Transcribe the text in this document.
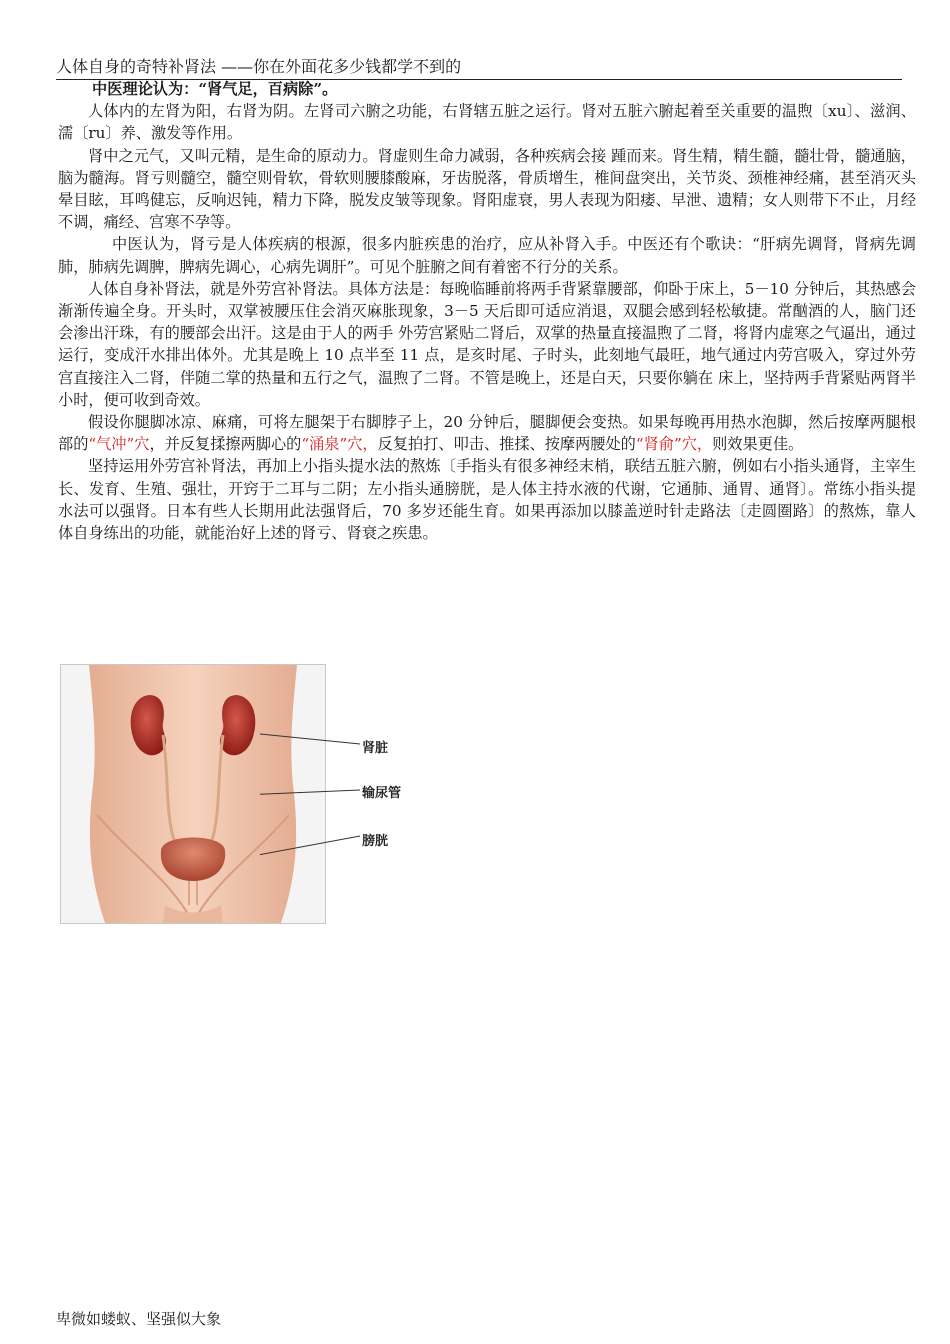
人体自身的奇特补肾法 ——你在外面花多少钱都学不到的

中医理论认为：“肾气足，百病除”。

人体内的左肾为阳，右肾为阴。左肾司六腑之功能，右肾辖五脏之运行。肾对五脏六腑起着至关重要的温煦〔xu〕、滋润、濡〔ru〕养、激发等作用。

肾中之元气，又叫元精，是生命的原动力。肾虚则生命力减弱，各种疾病会接 踵而来。肾生精，精生髓，髓壮骨，髓通脑，脑为髓海。肾亏则髓空，髓空则骨软，骨软则腰膝酸麻，牙齿脱落，骨质增生，椎间盘突出，关节炎、颈椎神经痛，甚至消灭头晕目眩，耳鸣健忘，反响迟钝，精力下降，脱发皮皱等现象。肾阳虚衰，男人表现为阳痿、早泄、遗精；女人则带下不止，月经不调，痛经、宫寒不孕等。

中医认为，肾亏是人体疾病的根源，很多内脏疾患的治疗，应从补肾入手。中医还有个歌诀：“肝病先调肾，肾病先调肺，肺病先调脾，脾病先调心，心病先调肝”。可见个脏腑之间有着密不行分的关系。

人体自身补肾法，就是外劳宫补肾法。具体方法是：每晚临睡前将两手背紧靠腰部，仰卧于床上，5－10 分钟后，其热感会渐渐传遍全身。开头时，双掌被腰压住会消灭麻胀现象，3－5 天后即可适应消退，双腿会感到轻松敏捷。常酗酒的人，脑门还会渗出汗珠，有的腰部会出汗。这是由于人的两手 外劳宫紧贴二肾后，双掌的热量直接温煦了二肾，将肾内虚寒之气逼出，通过运行，变成汗水排出体外。尤其是晚上 10 点半至 11 点，是亥时尾、子时头，此刻地气最旺，地气通过内劳宫吸入，穿过外劳宫直接注入二肾，伴随二掌的热量和五行之气，温煦了二肾。不管是晚上，还是白天，只要你躺在 床上，坚持两手背紧贴两肾半小时，便可收到奇效。

假设你腿脚冰凉、麻痛，可将左腿架于右脚脖子上，20 分钟后，腿脚便会变热。如果每晚再用热水泡脚，然后按摩两腿根部的“气冲”穴，并反复揉擦两脚心的“涌泉”穴，反复拍打、叩击、推揉、按摩两腰处的“肾俞”穴，则效果更佳。

坚持运用外劳宫补肾法，再加上小指头提水法的熬炼〔手指头有很多神经末梢，联结五脏六腑，例如右小指头通肾，主宰生长、发育、生殖、强壮，开窍于二耳与二阴；左小指头通膀胱，是人体主持水液的代谢，它通肺、通胃、通肾〕。常练小指头提水法可以强肾。日本有些人长期用此法强肾后，70 多岁还能生育。如果再添加以膝盖逆时针走路法〔走圆圈路〕的熬炼，靠人体自身练出的功能，就能治好上述的肾亏、肾衰之疾患。

肾脏
输尿管
膀胱
卑微如蝼蚁、坚强似大象
